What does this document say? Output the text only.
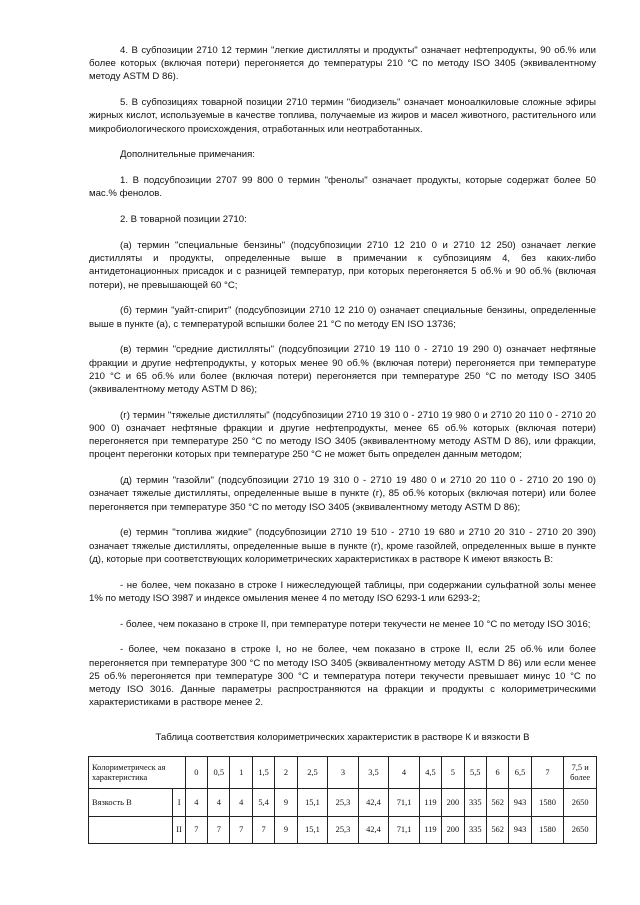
4. В субпозиции 2710 12 термин "легкие дистилляты и продукты" означает нефтепродукты, 90 об.% или более которых (включая потери) перегоняется до температуры 210 °С по методу ISO 3405 (эквивалентному методу ASTM D 86).

5. В субпозициях товарной позиции 2710 термин "биодизель" означает моноалкиловые сложные эфиры жирных кислот, используемые в качестве топлива, получаемые из жиров и масел животного, растительного или микробиологического происхождения, отработанных или неотработанных.

Дополнительные примечания:

1. В подсубпозиции 2707 99 800 0 термин "фенолы" означает продукты, которые содержат более 50 мас.% фенолов.

2. В товарной позиции 2710:

(а) термин "специальные бензины" (подсубпозиции 2710 12 210 0 и 2710 12 250) означает легкие дистилляты и продукты, определенные выше в примечании к субпозициям 4, без каких-либо антидетонационных присадок и с разницей температур, при которых перегоняется 5 об.% и 90 об.% (включая потери), не превышающей 60 °С;

(б) термин "уайт-спирит" (подсубпозиции 2710 12 210 0) означает специальные бензины, определенные выше в пункте (а), с температурой вспышки более 21 °С по методу EN ISO 13736;

(в) термин "средние дистилляты" (подсубпозиции 2710 19 110 0 - 2710 19 290 0) означает нефтяные фракции и другие нефтепродукты, у которых менее 90 об.% (включая потери) перегоняется при температуре 210 °С и 65 об.% или более (включая потери) перегоняется при температуре 250 °С по методу ISO 3405 (эквивалентному методу ASTM D 86);

(г) термин "тяжелые дистилляты" (подсубпозиции 2710 19 310 0 - 2710 19 980 0 и 2710 20 110 0 - 2710 20 900 0) означает нефтяные фракции и другие нефтепродукты, менее 65 об.% которых (включая потери) перегоняется при температуре 250 °С по методу ISO 3405 (эквивалентному методу ASTM D 86), или фракции, процент перегонки которых при температуре 250 °С не может быть определен данным методом;

(д) термин "газойли" (подсубпозиции 2710 19 310 0 - 2710 19 480 0 и 2710 20 110 0 - 2710 20 190 0) означает тяжелые дистилляты, определенные выше в пункте (г), 85 об.% которых (включая потери) или более перегоняется при температуре 350 °С по методу ISO 3405 (эквивалентному методу ASTM D 86);

(е) термин "топлива жидкие" (подсубпозиции 2710 19 510 - 2710 19 680 и 2710 20 310 - 2710 20 390) означает тяжелые дистилляты, определенные выше в пункте (г), кроме газойлей, определенных выше в пункте (д), которые при соответствующих колориметрических характеристиках в растворе К имеют вязкость В:

- не более, чем показано в строке I нижеследующей таблицы, при содержании сульфатной золы менее 1% по методу ISO 3987 и индексе омыления менее 4 по методу ISO 6293-1 или 6293-2;

- более, чем показано в строке II, при температуре потери текучести не менее 10 °С по методу ISO 3016;

- более, чем показано в строке I, но не более, чем показано в строке II, если 25 об.% или более перегоняется при температуре 300 °С по методу ISO 3405 (эквивалентному методу ASTM D 86) или если менее 25 об.% перегоняется при температуре 300 °С и температура потери текучести превышает минус 10 °С по методу ISO 3016. Данные параметры распространяются на фракции и продукты с колориметрическими характеристиками в растворе менее 2.

Таблица соответствия колориметрических характеристик в растворе К и вязкости В
Колориметрическ ая характеристика		0	0,5	1	1,5	2	2,5	3	3,5	4	4,5	5	5,5	6	6,5	7	7,5 и более
Вязкость В	I	4	4	4	5,4	9	15,1	25,3	42,4	71,1	119	200	335	562	943	1580	2650
	II	7	7	7	7	9	15,1	25,3	42,4	71,1	119	200	335	562	943	1580	2650
